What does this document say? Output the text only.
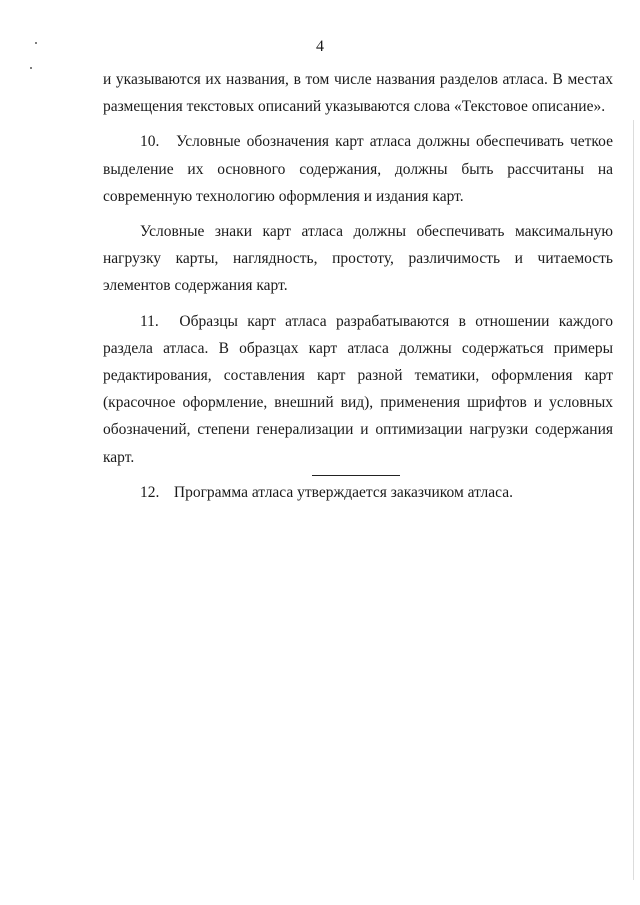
4

и указываются их названия, в том числе названия разделов атласа. В местах размещения текстовых описаний указываются слова «Текстовое описание».

10. Условные обозначения карт атласа должны обеспечивать четкое выделение их основного содержания, должны быть рассчитаны на современную технологию оформления и издания карт.

Условные знаки карт атласа должны обеспечивать максимальную нагрузку карты, наглядность, простоту, различимость и читаемость элементов содержания карт.

11. Образцы карт атласа разрабатываются в отношении каждого раздела атласа. В образцах карт атласа должны содержаться примеры редактирования, составления карт разной тематики, оформления карт (красочное оформление, внешний вид), применения шрифтов и условных обозначений, степени генерализации и оптимизации нагрузки содержания карт.

12. Программа атласа утверждается заказчиком атласа.
